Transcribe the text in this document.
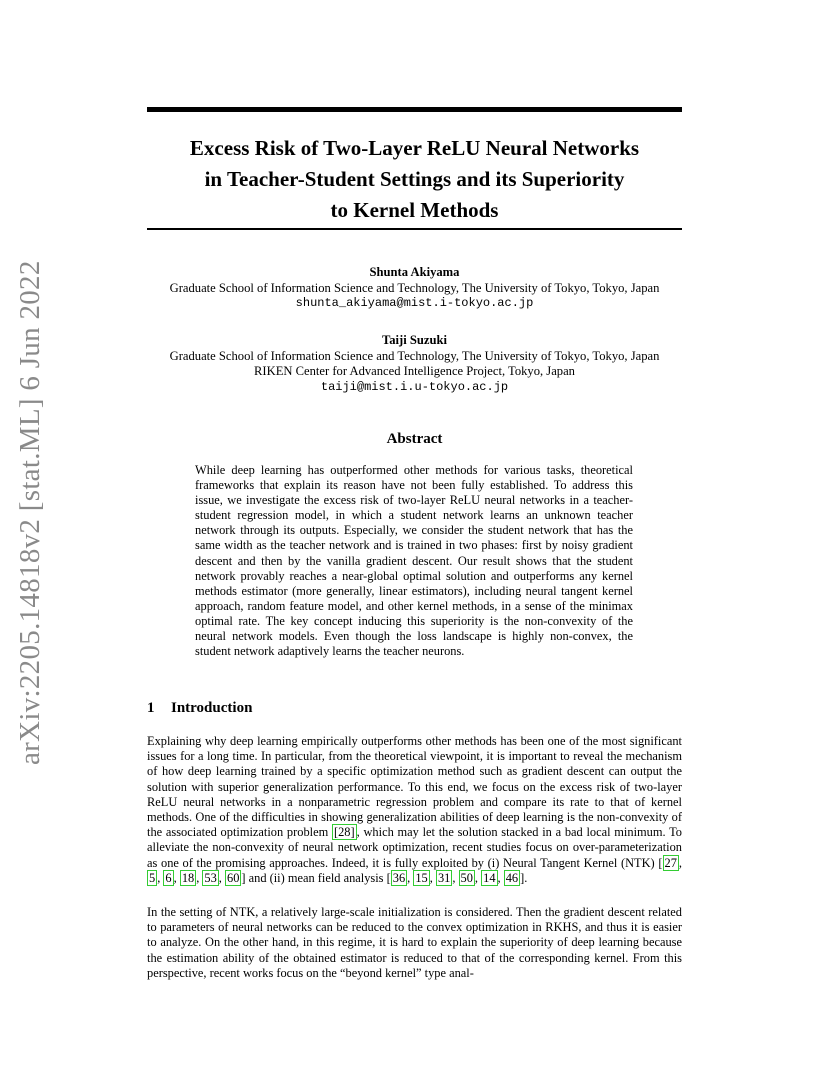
arXiv:2205.14818v2 [stat.ML] 6 Jun 2022
Excess Risk of Two-Layer ReLU Neural Networks
in Teacher-Student Settings and its Superiority
to Kernel Methods
Shunta Akiyama
Graduate School of Information Science and Technology, The University of Tokyo, Tokyo, Japan
shunta_akiyama@mist.i-tokyo.ac.jp
Taiji Suzuki
Graduate School of Information Science and Technology, The University of Tokyo, Tokyo, Japan
RIKEN Center for Advanced Intelligence Project, Tokyo, Japan
taiji@mist.i.u-tokyo.ac.jp
Abstract
While deep learning has outperformed other methods for various tasks, theoretical frameworks that explain its reason have not been fully established. To address this issue, we investigate the excess risk of two-layer ReLU neural networks in a teacher-student regression model, in which a student network learns an unknown teacher network through its outputs. Especially, we consider the student network that has the same width as the teacher network and is trained in two phases: first by noisy gradient descent and then by the vanilla gradient descent. Our result shows that the student network provably reaches a near-global optimal solution and outperforms any kernel methods estimator (more generally, linear estimators), including neural tangent kernel approach, random feature model, and other kernel methods, in a sense of the minimax optimal rate. The key concept inducing this superiority is the non-convexity of the neural network models. Even though the loss landscape is highly non-convex, the student network adaptively learns the teacher neurons.
1 Introduction
Explaining why deep learning empirically outperforms other methods has been one of the most significant issues for a long time. In particular, from the theoretical viewpoint, it is important to reveal the mechanism of how deep learning trained by a specific optimization method such as gradient descent can output the solution with superior generalization performance. To this end, we focus on the excess risk of two-layer ReLU neural networks in a nonparametric regression problem and compare its rate to that of kernel methods. One of the difficulties in showing generalization abilities of deep learning is the non-convexity of the associated optimization problem [28] , which may let the solution stacked in a bad local minimum. To alleviate the non-convexity of neural network optimization, recent studies focus on over-parameterization as one of the promising approaches. Indeed, it is fully exploited by (i) Neural Tangent Kernel (NTK) [ 27 , 5 , 6 , 18 , 53 , 60 ] and (ii) mean field analysis [ 36 , 15 , 31 , 50 , 14 , 46 ].
In the setting of NTK, a relatively large-scale initialization is considered. Then the gradient descent related to parameters of neural networks can be reduced to the convex optimization in RKHS, and thus it is easier to analyze. On the other hand, in this regime, it is hard to explain the superiority of deep learning because the estimation ability of the obtained estimator is reduced to that of the corresponding kernel. From this perspective, recent works focus on the “beyond kernel” type anal-
